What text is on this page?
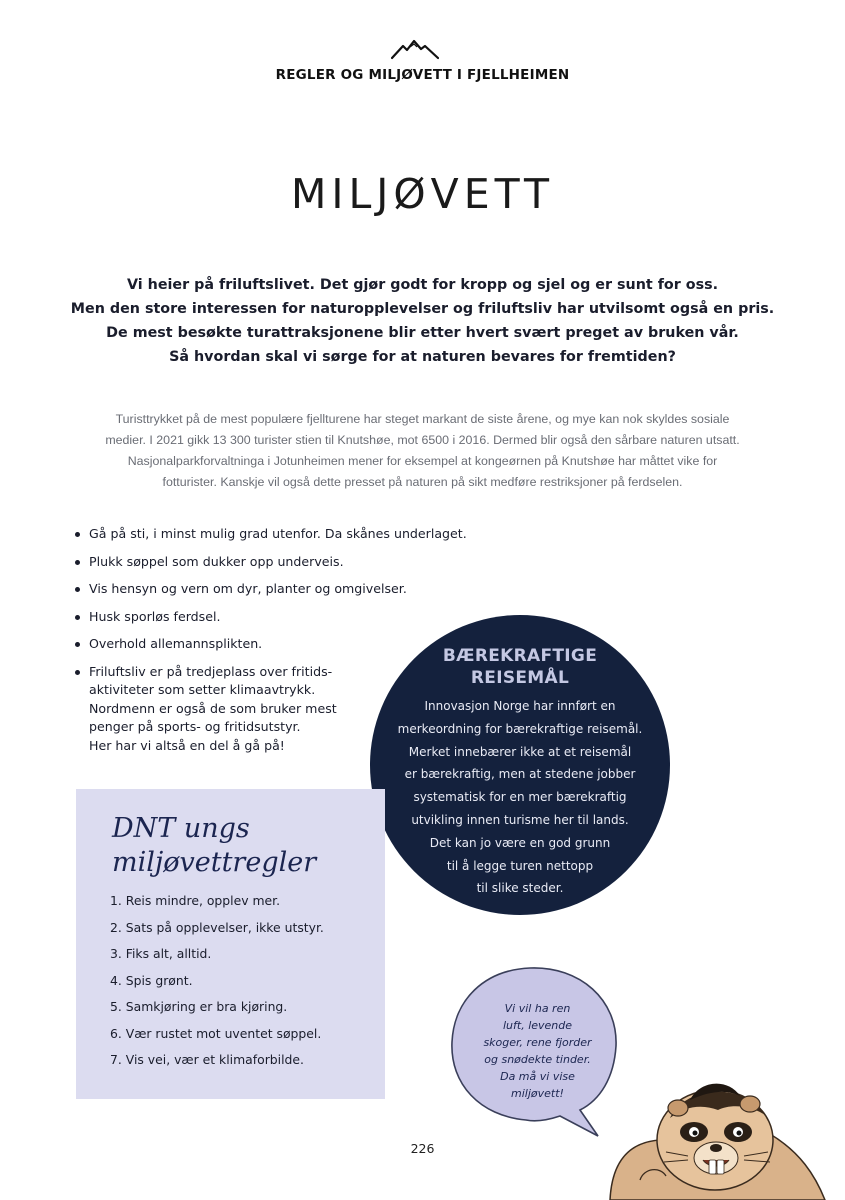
REGLER OG MILJØVETT I FJELLHEIMEN
MILJØVETT
Vi heier på friluftslivet. Det gjør godt for kropp og sjel og er sunt for oss.
Men den store interessen for naturopplevelser og friluftsliv har utvilsomt også en pris.
De mest besøkte turattraksjonene blir etter hvert svært preget av bruken vår.
Så hvordan skal vi sørge for at naturen bevares for fremtiden?
Turisttrykket på de mest populære fjellturene har steget markant de siste årene, og mye kan nok skyldes sosiale
medier. I 2021 gikk 13 300 turister stien til Knutshøe, mot 6500 i 2016. Dermed blir også den sårbare naturen utsatt.
Nasjonalparkforvaltninga i Jotunheimen mener for eksempel at kongeørnen på Knutshøe har måttet vike for
fotturister. Kanskje vil også dette presset på naturen på sikt medføre restriksjoner på ferdselen.
Gå på sti, i minst mulig grad utenfor. Da skånes underlaget.
Plukk søppel som dukker opp underveis.
Vis hensyn og vern om dyr, planter og omgivelser.
Husk sporløs ferdsel.
Overhold allemannsplikten.
Friluftsliv er på tredjeplass over fritids-
aktiviteter som setter klimaavtrykk.
Nordmenn er også de som bruker mest
penger på sports- og fritidsutstyr.
Her har vi altså en del å gå på!
BÆREKRAFTIGE
REISEMÅL
Innovasjon Norge har innført en
merkeordning for bærekraftige reisemål.
Merket innebærer ikke at et reisemål
er bærekraftig, men at stedene jobber
systematisk for en mer bærekraftig
utvikling innen turisme her til lands.
Det kan jo være en god grunn
til å legge turen nettopp
til slike steder.
DNT ungs
miljøvettregler
1. Reis mindre, opplev mer.
2. Sats på opplevelser, ikke utstyr.
3. Fiks alt, alltid.
4. Spis grønt.
5. Samkjøring er bra kjøring.
6. Vær rustet mot uventet søppel.
7. Vis vei, vær et klimaforbilde.
Vi vil ha ren
luft, levende
skoger, rene fjorder
og snødekte tinder.
Da må vi vise
miljøvett!
226
